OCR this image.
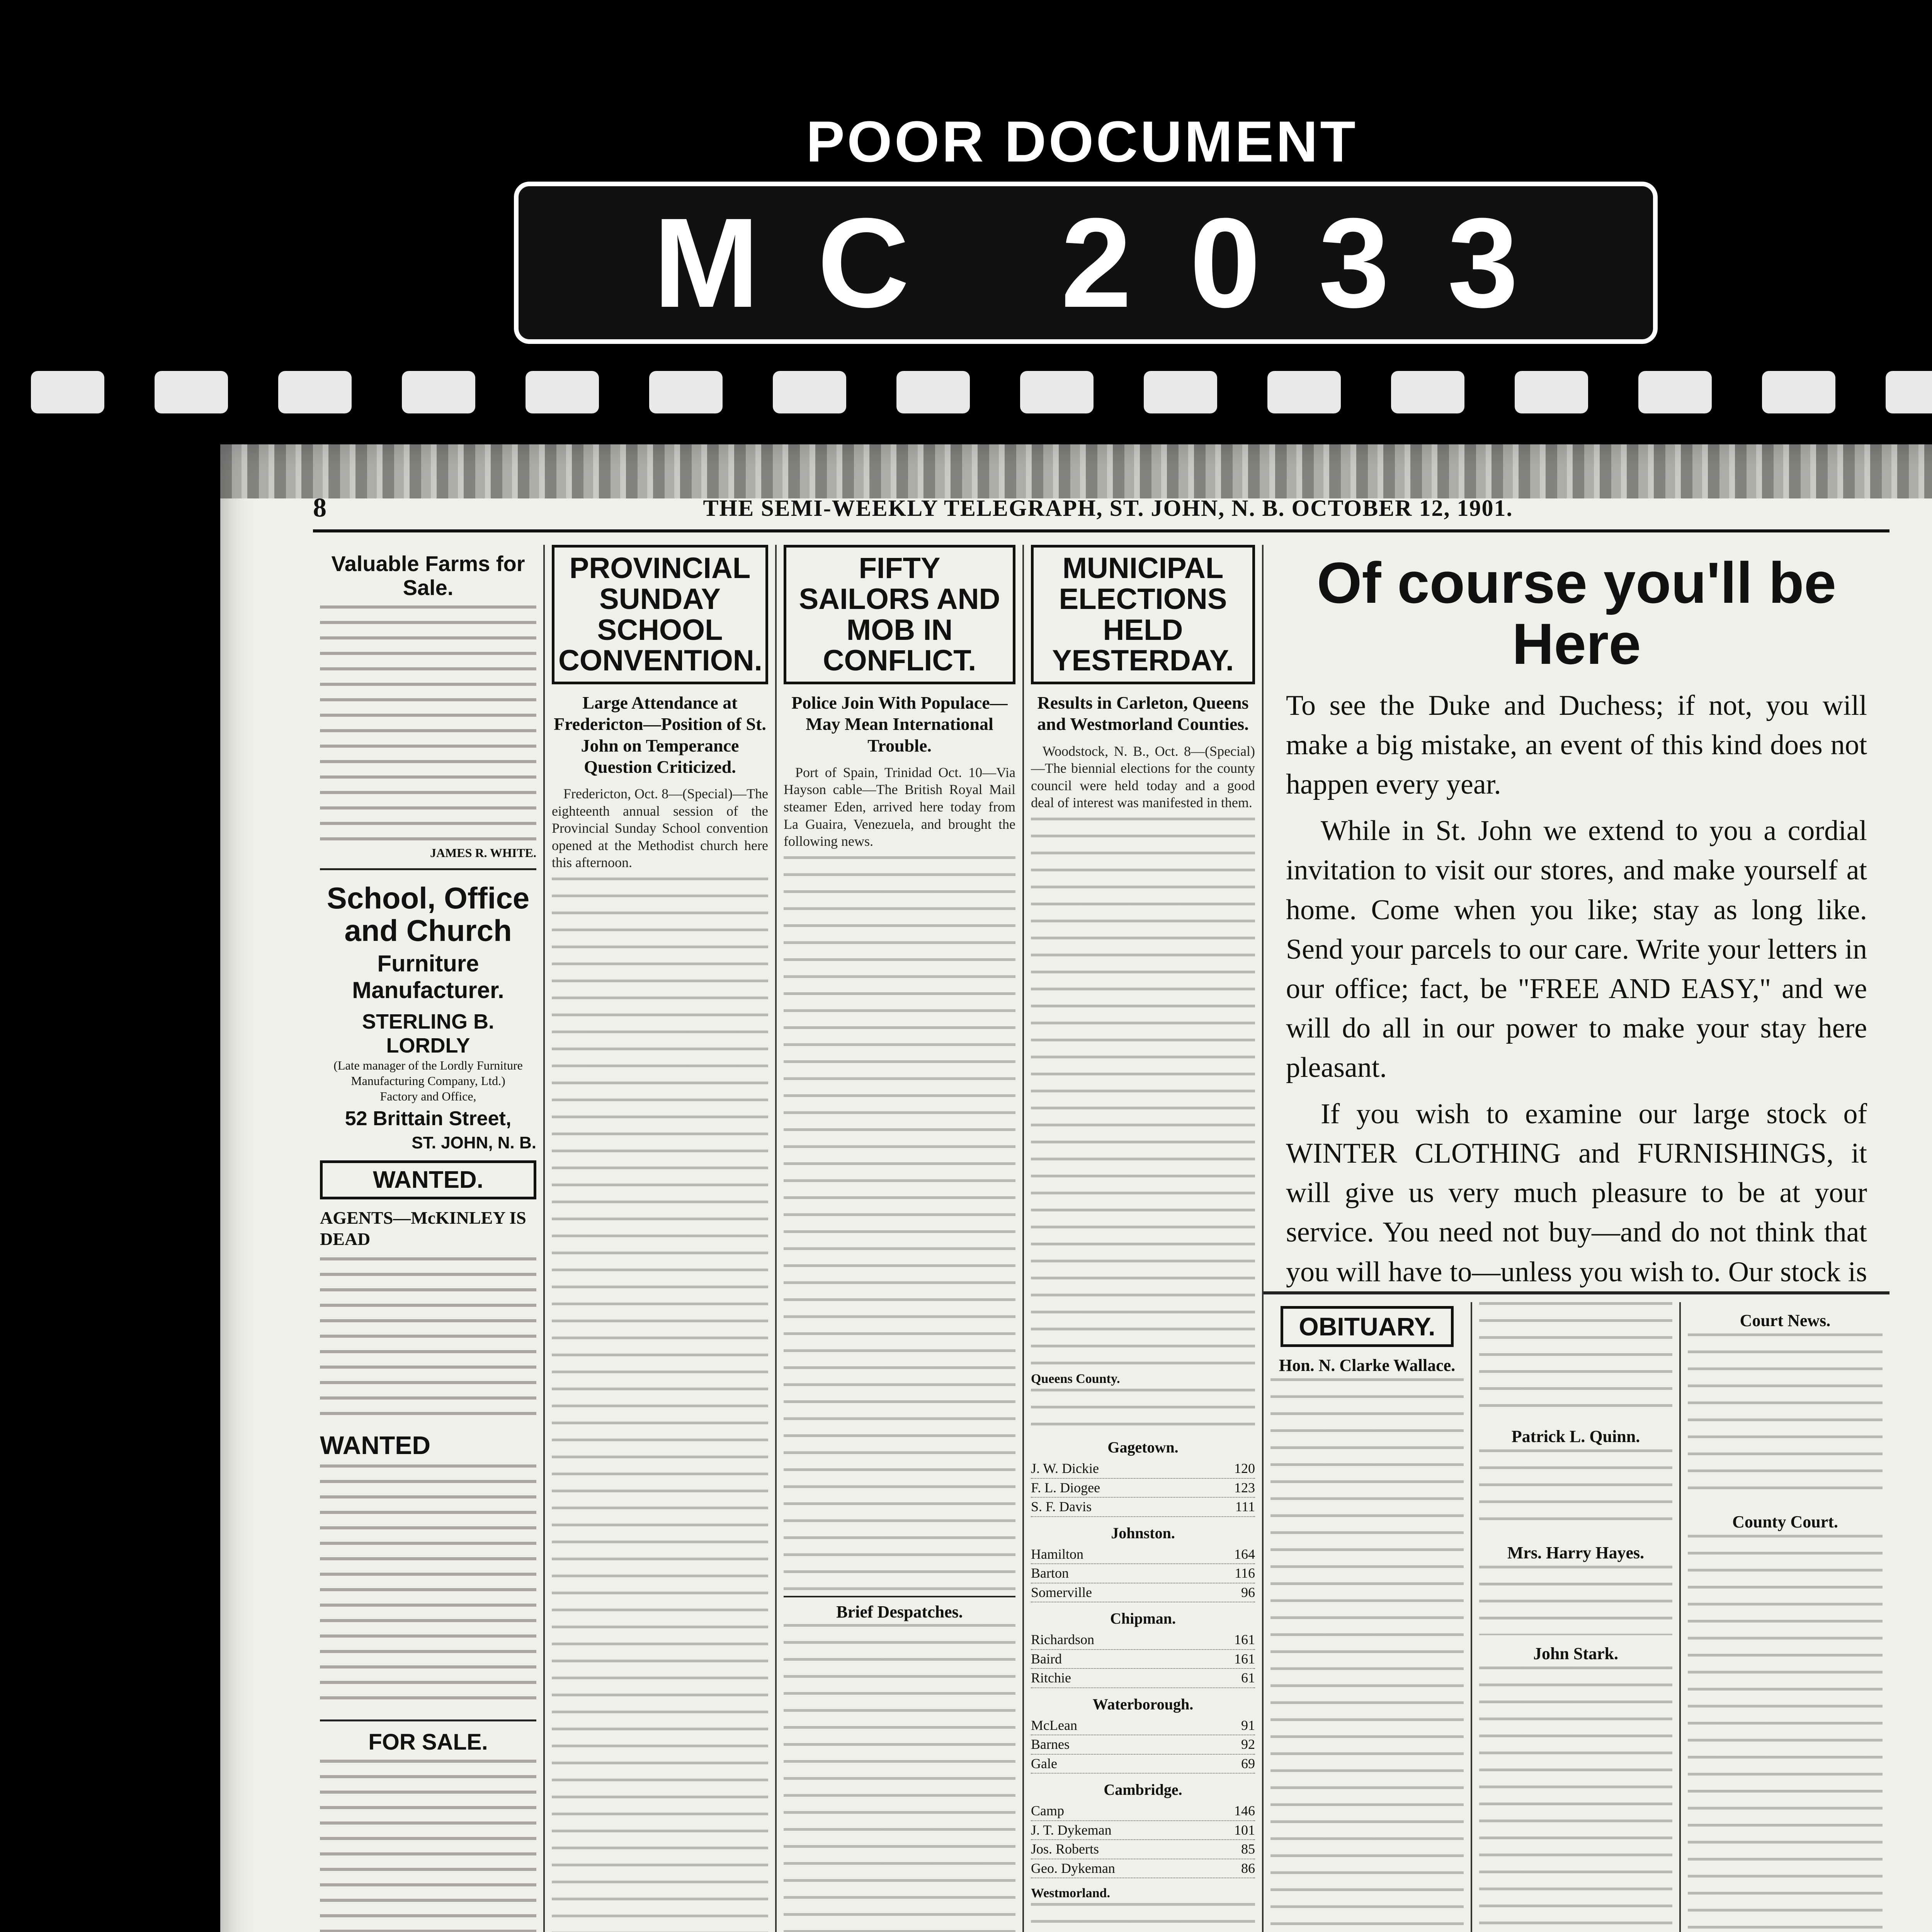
POOR DOCUMENT
MC 2033
8	THE SEMI-WEEKLY TELEGRAPH, ST. JOHN, N. B. OCTOBER 12, 1901.
Valuable Farms for Sale.
JAMES R. WHITE.
School, Office and Church
Furniture Manufacturer.
STERLING B. LORDLY
(Late manager of the Lordly Furniture Manufacturing Company, Ltd.)
Factory and Office,
52 Brittain Street,
ST. JOHN, N. B.
WANTED.
AGENTS—McKINLEY IS DEAD
WANTED
FOR SALE.
PROVINCIAL SUNDAY SCHOOL CONVENTION.
Large Attendance at Fredericton—Position of St. John on Temperance Question Criticized.

Fredericton, Oct. 8—(Special)—The eighteenth annual session of the Provincial Sunday School convention opened at the Methodist church here this afternoon.

FIFTY SAILORS AND MOB IN CONFLICT.
Police Join With Populace—May Mean International Trouble.

Port of Spain, Trinidad Oct. 10—Via Hayson cable—The British Royal Mail steamer Eden, arrived here today from La Guaira, Venezuela, and brought the following news.

Brief Despatches.
MUNICIPAL ELECTIONS HELD YESTERDAY.
Results in Carleton, Queens and Westmorland Counties.

Woodstock, N. B., Oct. 8—(Special)—The biennial elections for the county council were held today and a good deal of interest was manifested in them.

Queens County.
Gagetown.
J. W. Dickie	120
F. L. Diogee	123
S. F. Davis	111
Johnston.
Hamilton	164
Barton	116
Somerville	96
Chipman.
Richardson	161
Baird	161
Ritchie	61
Waterborough.
McLean	91
Barnes	92
Gale	69
Cambridge.
Camp	146
J. T. Dykeman	101
Jos. Roberts	85
Geo. Dykeman	86
Westmorland.
Of course you'll be Here

To see the Duke and Duchess; if not, you will make a big mistake, an event of this kind does not happen every year.

While in St. John we extend to you a cordial invitation to visit our stores, and make yourself at home. Come when you like; stay as long like. Send your parcels to our care. Write your letters in our office; fact, be "FREE AND EASY," and we will do all in our power to make your stay here pleasant.

If you wish to examine our large stock of WINTER CLOTHING and FURNISHINGS, it will give us very much pleasure to be at your service. You need not buy—and do not think that you will have to—unless you wish to. Our stock is

OBITUARY.
Hon. N. Clarke Wallace.
Patrick L. Quinn.
Mrs. Harry Hayes.
John Stark.
Court News.
County Court.
